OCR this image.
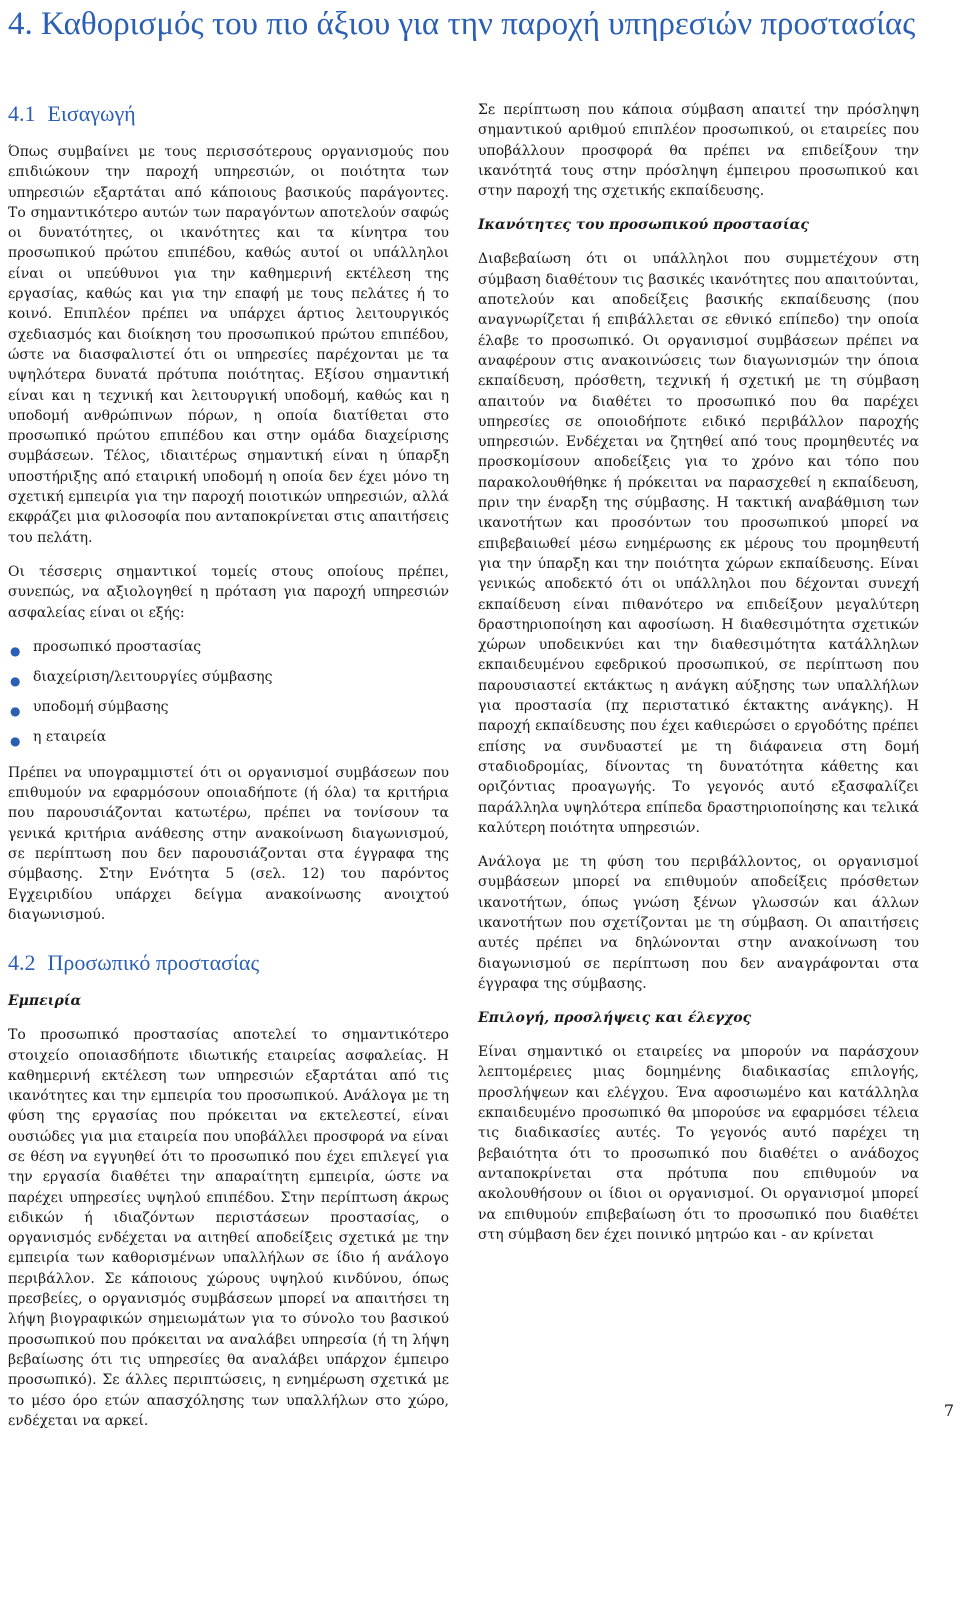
4. Καθορισμός του πιο άξιου για την παροχή υπηρεσιών προστασίας
4.1 Εισαγωγή

Όπως συμβαίνει με τους περισσότερους οργανισμούς που επιδιώκουν την παροχή υπηρεσιών, οι ποιότητα των υπηρεσιών εξαρτάται από κάποιους βασικούς παράγοντες. Το σημαντικότερο αυτών των παραγόντων αποτελούν σαφώς οι δυνατότητες, οι ικανότητες και τα κίνητρα του προσωπικού πρώτου επιπέδου, καθώς αυτοί οι υπάλληλοι είναι οι υπεύθυνοι για την καθημερινή εκτέλεση της εργασίας, καθώς και για την επαφή με τους πελάτες ή το κοινό. Επιπλέον πρέπει να υπάρχει άρτιος λειτουργικός σχεδιασμός και διοίκηση του προσωπικού πρώτου επιπέδου, ώστε να διασφαλιστεί ότι οι υπηρεσίες παρέχονται με τα υψηλότερα δυνατά πρότυπα ποιότητας. Εξίσου σημαντική είναι και η τεχνική και λειτουργική υποδομή, καθώς και η υποδομή ανθρώπινων πόρων, η οποία διατίθεται στο προσωπικό πρώτου επιπέδου και στην ομάδα διαχείρισης συμβάσεων. Τέλος, ιδιαιτέρως σημαντική είναι η ύπαρξη υποστήριξης από εταιρική υποδομή η οποία δεν έχει μόνο τη σχετική εμπειρία για την παροχή ποιοτικών υπηρεσιών, αλλά εκφράζει μια φιλοσοφία που ανταποκρίνεται στις απαιτήσεις του πελάτη.

Οι τέσσερις σημαντικοί τομείς στους οποίους πρέπει, συνεπώς, να αξιολογηθεί η πρόταση για παροχή υπηρεσιών ασφαλείας είναι οι εξής:

● προσωπικό προστασίας
● διαχείριση/λειτουργίες σύμβασης
● υποδομή σύμβασης
● η εταιρεία

Πρέπει να υπογραμμιστεί ότι οι οργανισμοί συμβάσεων που επιθυμούν να εφαρμόσουν οποιαδήποτε (ή όλα) τα κριτήρια που παρουσιάζονται κατωτέρω, πρέπει να τονίσουν τα γενικά κριτήρια ανάθεσης στην ανακοίνωση διαγωνισμού, σε περίπτωση που δεν παρουσιάζονται στα έγγραφα της σύμβασης. Στην Ενότητα 5 (σελ. 12) του παρόντος Εγχειριδίου υπάρχει δείγμα ανακοίνωσης ανοιχτού διαγωνισμού.

4.2 Προσωπικό προστασίας
Εμπειρία

Το προσωπικό προστασίας αποτελεί το σημαντικότερο στοιχείο οποιασδήποτε ιδιωτικής εταιρείας ασφαλείας. Η καθημερινή εκτέλεση των υπηρεσιών εξαρτάται από τις ικανότητες και την εμπειρία του προσωπικού. Ανάλογα με τη φύση της εργασίας που πρόκειται να εκτελεστεί, είναι ουσιώδες για μια εταιρεία που υποβάλλει προσφορά να είναι σε θέση να εγγυηθεί ότι το προσωπικό που έχει επιλεγεί για την εργασία διαθέτει την απαραίτητη εμπειρία, ώστε να παρέχει υπηρεσίες υψηλού επιπέδου. Στην περίπτωση άκρως ειδικών ή ιδιαζόντων περιστάσεων προστασίας, ο οργανισμός ενδέχεται να αιτηθεί αποδείξεις σχετικά με την εμπειρία των καθορισμένων υπαλλήλων σε ίδιο ή ανάλογο περιβάλλον. Σε κάποιους χώρους υψηλού κινδύνου, όπως πρεσβείες, ο οργανισμός συμβάσεων μπορεί να απαιτήσει τη λήψη βιογραφικών σημειωμάτων για το σύνολο του βασικού προσωπικού που πρόκειται να αναλάβει υπηρεσία (ή τη λήψη βεβαίωσης ότι τις υπηρεσίες θα αναλάβει υπάρχον έμπειρο προσωπικό). Σε άλλες περιπτώσεις, η ενημέρωση σχετικά με το μέσο όρο ετών απασχόλησης των υπαλλήλων στο χώρο, ενδέχεται να αρκεί.

Σε περίπτωση που κάποια σύμβαση απαιτεί την πρόσληψη σημαντικού αριθμού επιπλέον προσωπικού, οι εταιρείες που υποβάλλουν προσφορά θα πρέπει να επιδείξουν την ικανότητά τους στην πρόσληψη έμπειρου προσωπικού και στην παροχή της σχετικής εκπαίδευσης.

Ικανότητες του προσωπικού προστασίας

Διαβεβαίωση ότι οι υπάλληλοι που συμμετέχουν στη σύμβαση διαθέτουν τις βασικές ικανότητες που απαιτούνται, αποτελούν και αποδείξεις βασικής εκπαίδευσης (που αναγνωρίζεται ή επιβάλλεται σε εθνικό επίπεδο) την οποία έλαβε το προσωπικό. Οι οργανισμοί συμβάσεων πρέπει να αναφέρουν στις ανακοινώσεις των διαγωνισμών την όποια εκπαίδευση, πρόσθετη, τεχνική ή σχετική με τη σύμβαση απαιτούν να διαθέτει το προσωπικό που θα παρέχει υπηρεσίες σε οποιοδήποτε ειδικό περιβάλλον παροχής υπηρεσιών. Ενδέχεται να ζητηθεί από τους προμηθευτές να προσκομίσουν αποδείξεις για το χρόνο και τόπο που παρακολουθήθηκε ή πρόκειται να παρασχεθεί η εκπαίδευση, πριν την έναρξη της σύμβασης. Η τακτική αναβάθμιση των ικανοτήτων και προσόντων του προσωπικού μπορεί να επιβεβαιωθεί μέσω ενημέρωσης εκ μέρους του προμηθευτή για την ύπαρξη και την ποιότητα χώρων εκπαίδευσης. Είναι γενικώς αποδεκτό ότι οι υπάλληλοι που δέχονται συνεχή εκπαίδευση είναι πιθανότερο να επιδείξουν μεγαλύτερη δραστηριοποίηση και αφοσίωση. Η διαθεσιμότητα σχετικών χώρων υποδεικνύει και την διαθεσιμότητα κατάλληλων εκπαιδευμένου εφεδρικού προσωπικού, σε περίπτωση που παρουσιαστεί εκτάκτως η ανάγκη αύξησης των υπαλλήλων για προστασία (πχ περιστατικό έκτακτης ανάγκης). Η παροχή εκπαίδευσης που έχει καθιερώσει ο εργοδότης πρέπει επίσης να συνδυαστεί με τη διάφανεια στη δομή σταδιοδρομίας, δίνοντας τη δυνατότητα κάθετης και οριζόντιας προαγωγής. Το γεγονός αυτό εξασφαλίζει παράλληλα υψηλότερα επίπεδα δραστηριοποίησης και τελικά καλύτερη ποιότητα υπηρεσιών.

Ανάλογα με τη φύση του περιβάλλοντος, οι οργανισμοί συμβάσεων μπορεί να επιθυμούν αποδείξεις πρόσθετων ικανοτήτων, όπως γνώση ξένων γλωσσών και άλλων ικανοτήτων που σχετίζονται με τη σύμβαση. Οι απαιτήσεις αυτές πρέπει να δηλώνονται στην ανακοίνωση του διαγωνισμού σε περίπτωση που δεν αναγράφονται στα έγγραφα της σύμβασης.

Επιλογή, προσλήψεις και έλεγχος

Είναι σημαντικό οι εταιρείες να μπορούν να παράσχουν λεπτομέρειες μιας δομημένης διαδικασίας επιλογής, προσλήψεων και ελέγχου. Ένα αφοσιωμένο και κατάλληλα εκπαιδευμένο προσωπικό θα μπορούσε να εφαρμόσει τέλεια τις διαδικασίες αυτές. Το γεγονός αυτό παρέχει τη βεβαιότητα ότι το προσωπικό που διαθέτει ο ανάδοχος ανταποκρίνεται στα πρότυπα που επιθυμούν να ακολουθήσουν οι ίδιοι οι οργανισμοί. Οι οργανισμοί μπορεί να επιθυμούν επιβεβαίωση ότι το προσωπικό που διαθέτει στη σύμβαση δεν έχει ποινικό μητρώο και - αν κρίνεται

7
